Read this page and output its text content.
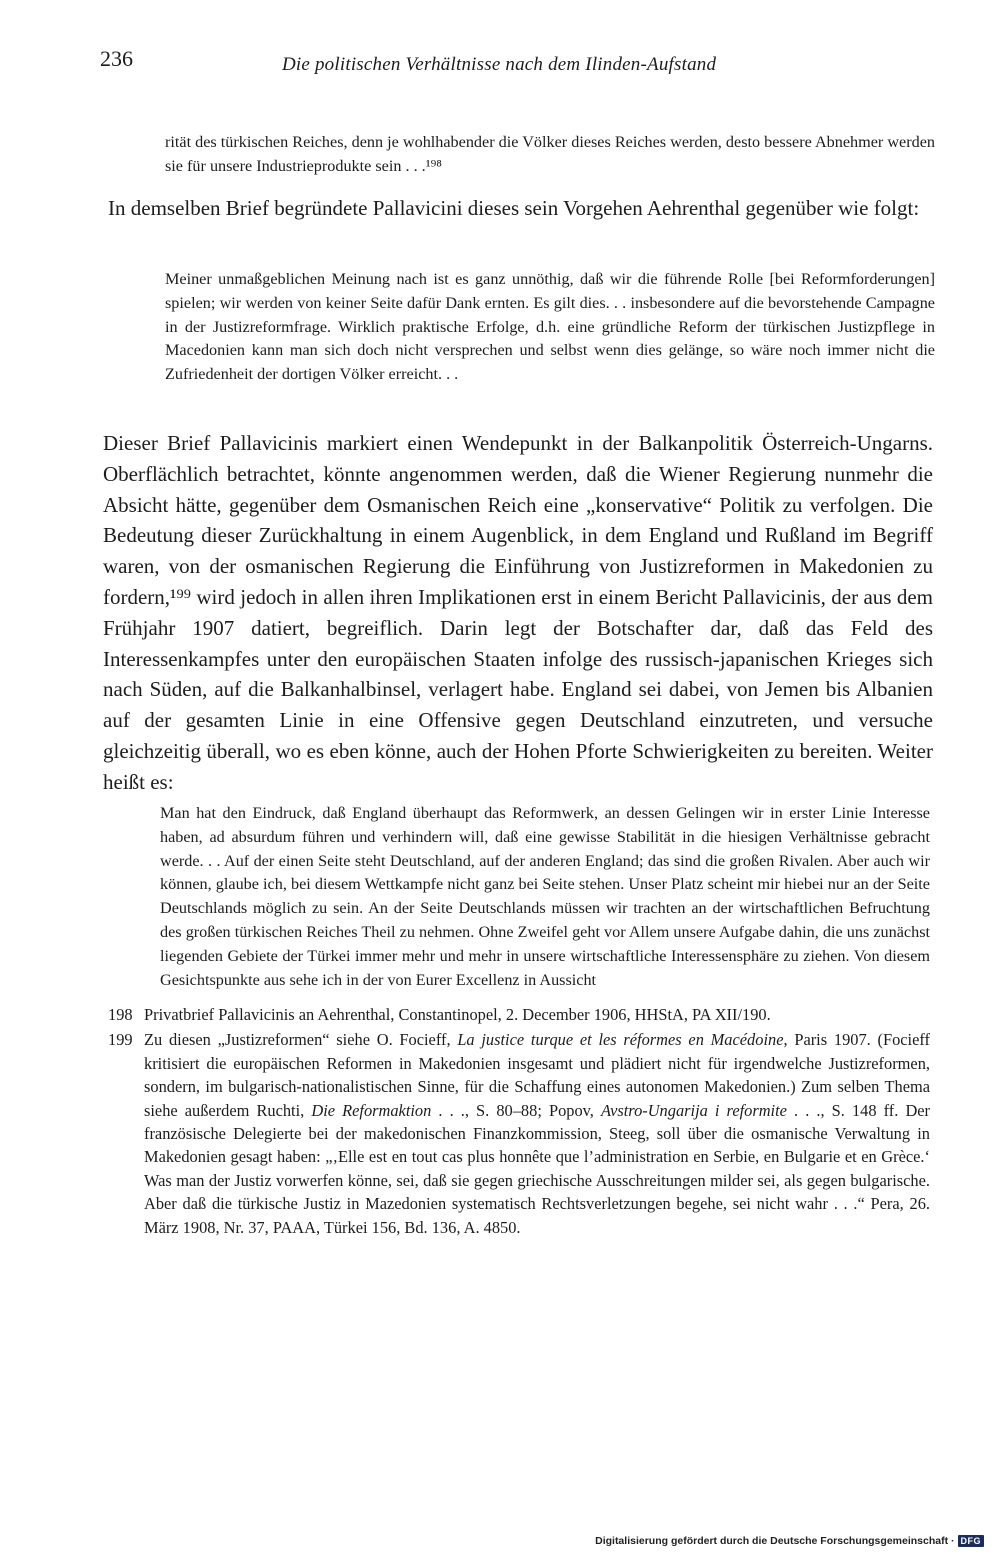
236	Die politischen Verhältnisse nach dem Ilinden-Aufstand
rität des türkischen Reiches, denn je wohlhabender die Völker dieses Reiches werden, desto bessere Abnehmer werden sie für unsere Industrieprodukte sein . . .¹⁹⁸
In demselben Brief begründete Pallavicini dieses sein Vorgehen Aehrenthal gegenüber wie folgt:
Meiner unmaßgeblichen Meinung nach ist es ganz unnöthig, daß wir die führende Rolle [bei Reformforderungen] spielen; wir werden von keiner Seite dafür Dank ernten. Es gilt dies. . . insbesondere auf die bevorstehende Campagne in der Justizreformfrage. Wirklich praktische Erfolge, d.h. eine gründliche Reform der türkischen Justizpflege in Macedonien kann man sich doch nicht versprechen und selbst wenn dies gelänge, so wäre noch immer nicht die Zufriedenheit der dortigen Völker erreicht. . .
Dieser Brief Pallavicinis markiert einen Wendepunkt in der Balkanpolitik Österreich-Ungarns. Oberflächlich betrachtet, könnte angenommen werden, daß die Wiener Regierung nunmehr die Absicht hätte, gegenüber dem Osmanischen Reich eine „konservative“ Politik zu verfolgen. Die Bedeutung dieser Zurückhaltung in einem Augenblick, in dem England und Rußland im Begriff waren, von der osmanischen Regierung die Einführung von Justizreformen in Makedonien zu fordern,¹⁹⁹ wird jedoch in allen ihren Implikationen erst in einem Bericht Pallavicinis, der aus dem Frühjahr 1907 datiert, begreiflich. Darin legt der Botschafter dar, daß das Feld des Interessenkampfes unter den europäischen Staaten infolge des russisch-japanischen Krieges sich nach Süden, auf die Balkanhalbinsel, verlagert habe. England sei dabei, von Jemen bis Albanien auf der gesamten Linie in eine Offensive gegen Deutschland einzutreten, und versuche gleichzeitig überall, wo es eben könne, auch der Hohen Pforte Schwierigkeiten zu bereiten. Weiter heißt es:
Man hat den Eindruck, daß England überhaupt das Reformwerk, an dessen Gelingen wir in erster Linie Interesse haben, ad absurdum führen und verhindern will, daß eine gewisse Stabilität in die hiesigen Verhältnisse gebracht werde. . . Auf der einen Seite steht Deutschland, auf der anderen England; das sind die großen Rivalen. Aber auch wir können, glaube ich, bei diesem Wettkampfe nicht ganz bei Seite stehen. Unser Platz scheint mir hiebei nur an der Seite Deutschlands möglich zu sein. An der Seite Deutschlands müssen wir trachten an der wirtschaftlichen Befruchtung des großen türkischen Reiches Theil zu nehmen. Ohne Zweifel geht vor Allem unsere Aufgabe dahin, die uns zunächst liegenden Gebiete der Türkei immer mehr und mehr in unsere wirtschaftliche Interessensphäre zu ziehen. Von diesem Gesichtspunkte aus sehe ich in der von Eurer Excellenz in Aussicht
198 Privatbrief Pallavicinis an Aehrenthal, Constantinopel, 2. December 1906, HHStA, PA XII/190.
199 Zu diesen „Justizreformen“ siehe O. Focieff, La justice turque et les réformes en Macédoine, Paris 1907. (Focieff kritisiert die europäischen Reformen in Makedonien insgesamt und plädiert nicht für irgendwelche Justizreformen, sondern, im bulgarisch-nationalistischen Sinne, für die Schaffung eines autonomen Makedonien.) Zum selben Thema siehe außerdem Ruchti, Die Reformaktion . . ., S. 80–88; Popov, Avstro-Ungarija i reformite . . ., S. 148 ff. Der französische Delegierte bei der makedonischen Finanzkommission, Steeg, soll über die osmanische Verwaltung in Makedonien gesagt haben: „‚Elle est en tout cas plus honnête que l’administration en Serbie, en Bulgarie et en Grèce.‘ Was man der Justiz vorwerfen könne, sei, daß sie gegen griechische Ausschreitungen milder sei, als gegen bulgarische. Aber daß die türkische Justiz in Mazedonien systematisch Rechtsverletzungen begehe, sei nicht wahr . . .“ Pera, 26. März 1908, Nr. 37, PAAA, Türkei 156, Bd. 136, A. 4850.
Digitalisierung gefördert durch die Deutsche Forschungsgemeinschaft · DFG
